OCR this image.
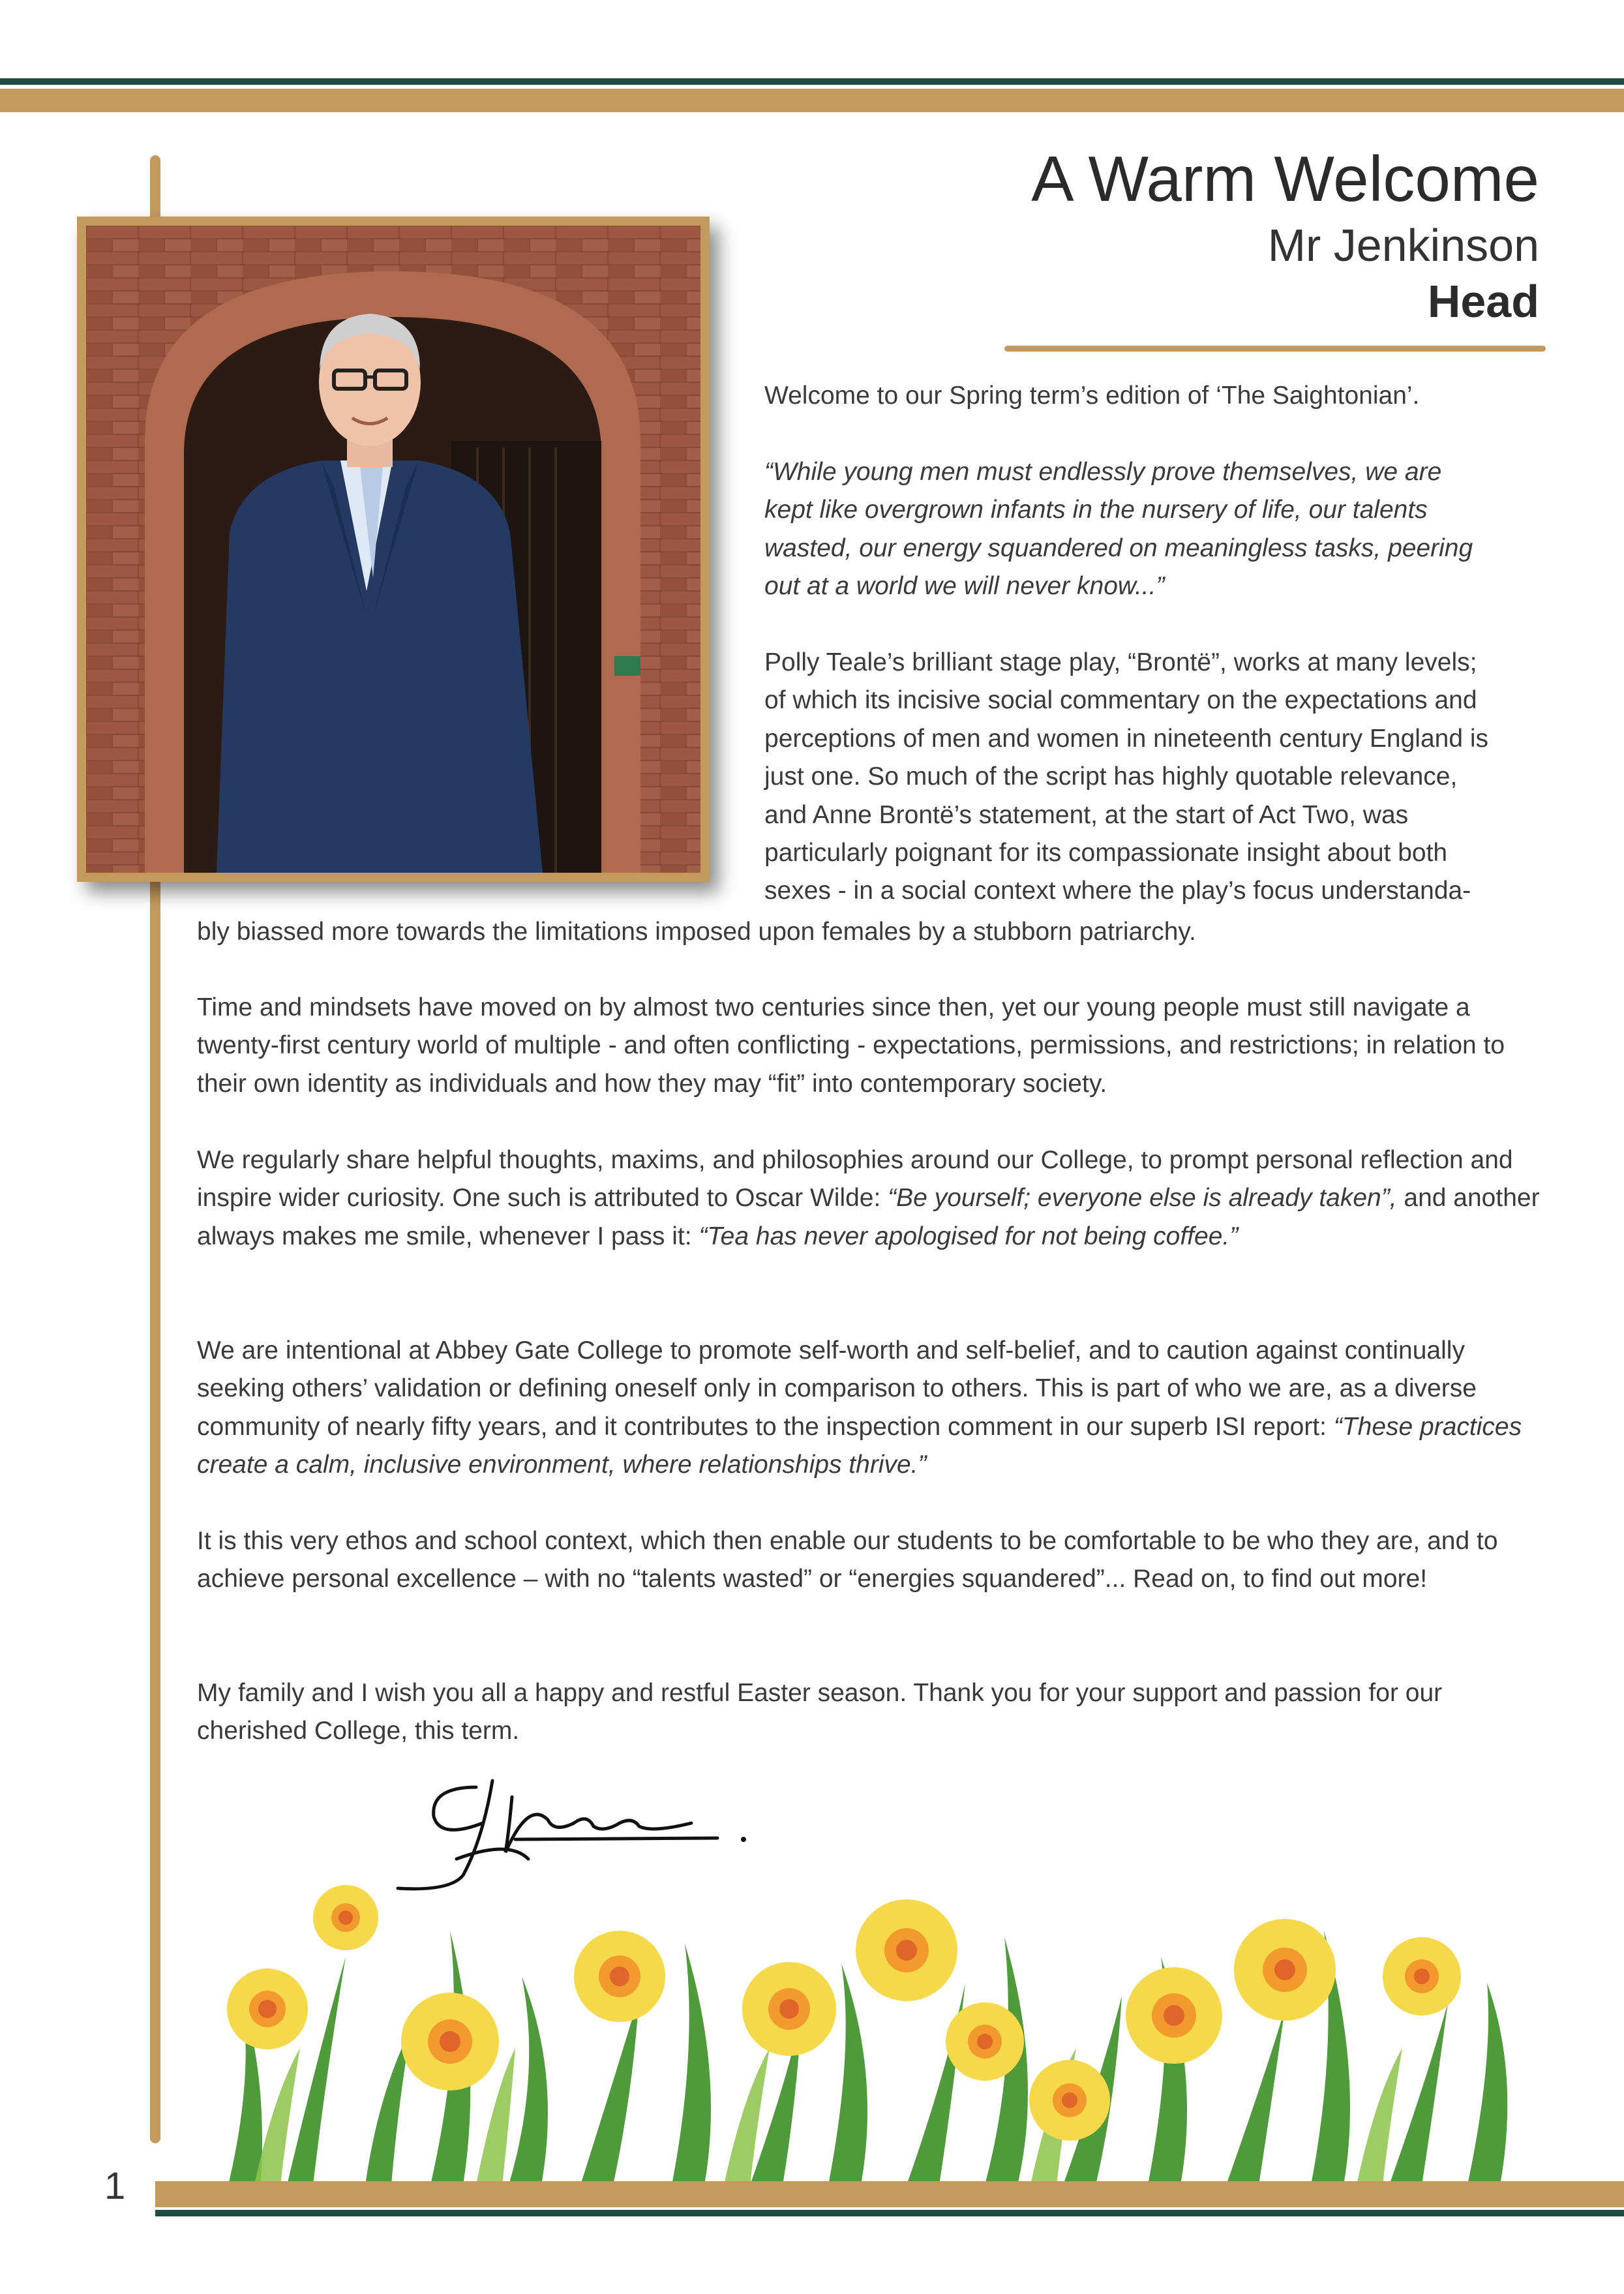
A Warm Welcome
Mr Jenkinson
Head
Welcome to our Spring term’s edition of ‘The Saightonian’.
“While young men must endlessly prove themselves, we are
kept like overgrown infants in the nursery of life, our talents
wasted, our energy squandered on meaningless tasks, peering
out at a world we will never know...”
Polly Teale’s brilliant stage play, “Brontë”, works at many levels;
of which its incisive social commentary on the expectations and
perceptions of men and women in nineteenth century England is
just one. So much of the script has highly quotable relevance,
and Anne Brontë’s statement, at the start of Act Two, was
particularly poignant for its compassionate insight about both
sexes - in a social context where the play’s focus understanda-
bly biassed more towards the limitations imposed upon females by a stubborn patriarchy.
Time and mindsets have moved on by almost two centuries since then, yet our young people must still navigate a twenty-first century world of multiple - and often conflicting - expectations, permissions, and restrictions; in relation to their own identity as individuals and how they may “fit” into contemporary society.
We regularly share helpful thoughts, maxims, and philosophies around our College, to prompt personal reflection and inspire wider curiosity. One such is attributed to Oscar Wilde: “Be yourself; everyone else is already taken”, and another always makes me smile, whenever I pass it: “Tea has never apologised for not being coffee.”
We are intentional at Abbey Gate College to promote self-worth and self-belief, and to caution against continually seeking others’ validation or defining oneself only in comparison to others. This is part of who we are, as a diverse community of nearly fifty years, and it contributes to the inspection comment in our superb ISI report: “These practices create a calm, inclusive environment, where relationships thrive.”
It is this very ethos and school context, which then enable our students to be comfortable to be who they are, and to achieve personal excellence – with no “talents wasted” or “energies squandered”... Read on, to find out more!
My family and I wish you all a happy and restful Easter season. Thank you for your support and passion for our cherished College, this term.
1
